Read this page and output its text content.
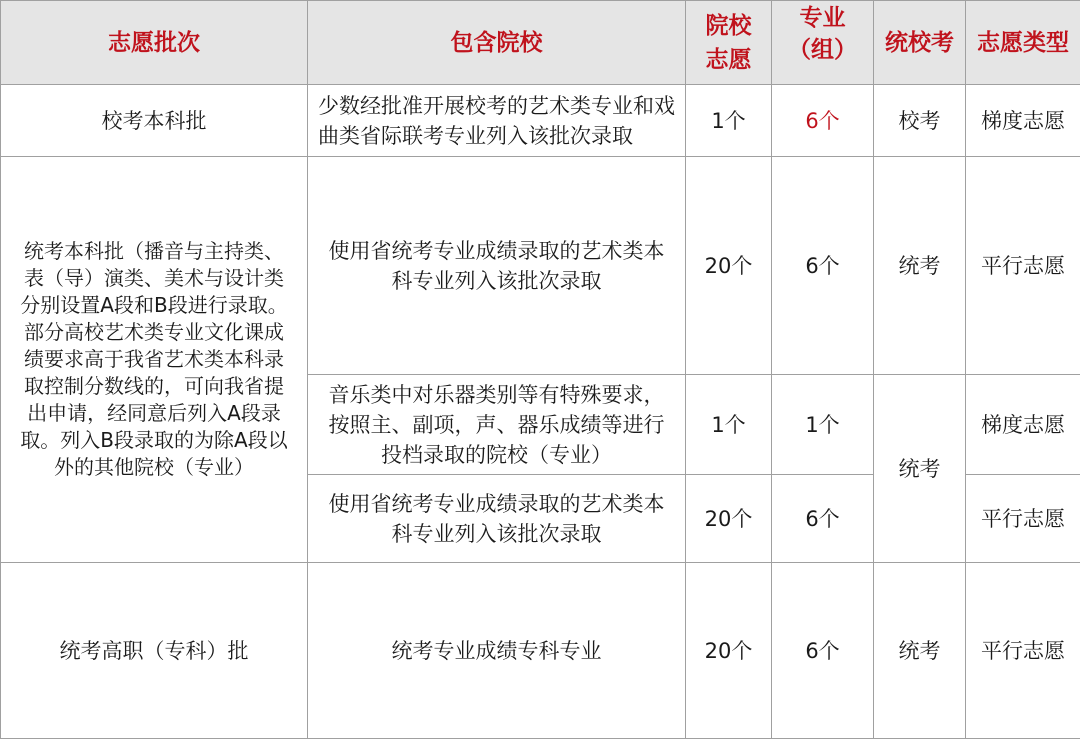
志愿批次	包含院校	院校志愿	专业（组）	统校考	志愿类型
校考本科批	少数经批准开展校考的艺术类专业和戏曲类省际联考专业列入该批次录取	1个	6个	校考	梯度志愿
统考本科批（播音与主持类、表（导）演类、美术与设计类分别设置A段和B段进行录取。部分高校艺术类专业文化课成绩要求高于我省艺术类本科录取控制分数线的，可向我省提出申请，经同意后列入A段录取。列入B段录取的为除A段以外的其他院校（专业）	使用省统考专业成绩录取的艺术类本科专业列入该批次录取	20个	6个	统考	平行志愿
	音乐类中对乐器类别等有特殊要求，按照主、副项，声、器乐成绩等进行投档录取的院校（专业）	1个	1个	统考	梯度志愿
	使用省统考专业成绩录取的艺术类本科专业列入该批次录取	20个	6个		平行志愿
统考高职（专科）批	统考专业成绩专科专业	20个	6个	统考	平行志愿
